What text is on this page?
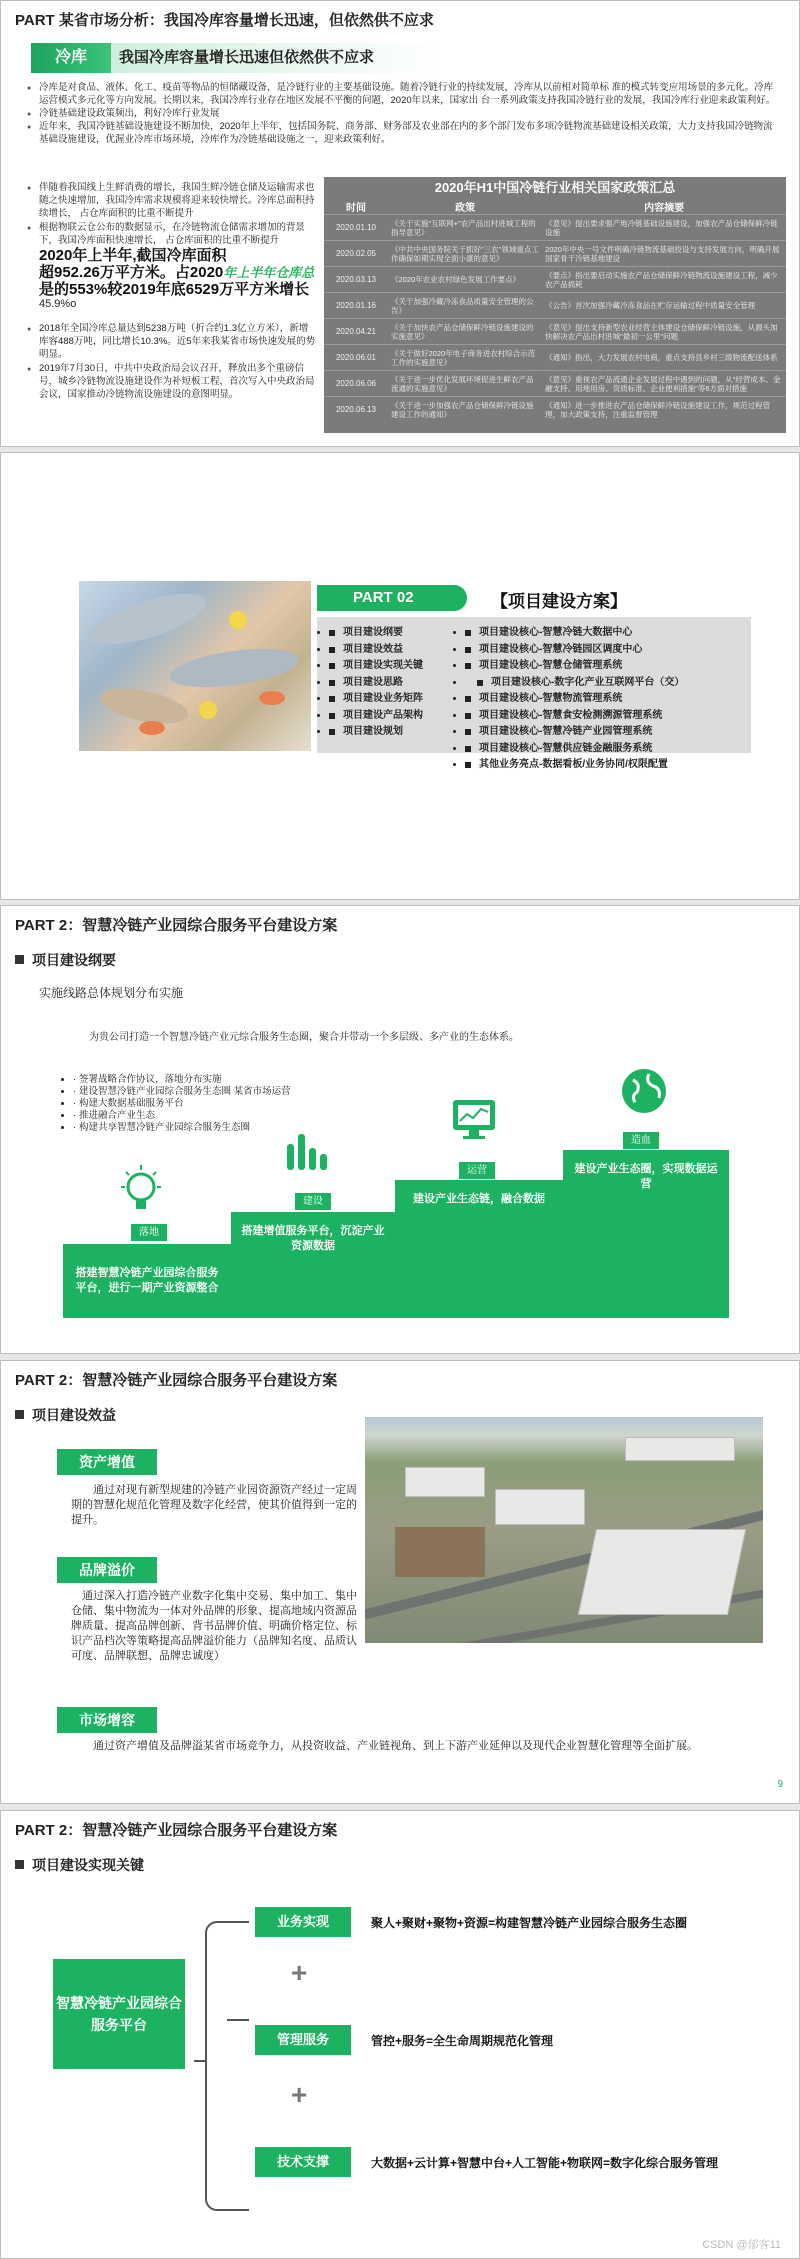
PART 某省市场分析：我国冷库容量增长迅速，但依然供不应求
冷库	我国冷库容量增长迅速但依然供不应求
● 冷库是对食品、液体、化工、疫苗等物品的恒储藏设备，是冷链行业的主要基础设施。随着冷链行业的持续发展，冷库从以前相对简单标 准的模式转变应用场景的多元化。冷库运营模式多元化等方向发展。长期以来，我国冷库行业存在地区发展不平衡的问题，2020年以来，国家出 台一系列政策支持我国冷链行业的发展，我国冷库行业迎来政策利好。
● 冷链基础建设政策频出，利好冷库行业发展
● 近年来，我国冷链基础设施建设不断加快，2020年上半年，包括国务院、商务部、财务部及农业部在内的多个部门发布多项冷链物流基础建设相关政策，大力支持我国冷链物流基础设施建设，优渥业冷库市场环境，冷库作为冷链基础设施之一，迎来政策利好。
● 伴随着我国线上生鲜消费的增长，我国生鲜冷链仓储及运输需求也随之快速增加，我国冷库需求规模将迎来较快增长。冷库总面积持续增长， 占仓库面积的比重不断提升
● 根据物联云仓公布的数据显示，在冷链物流仓储需求增加的背景下，我国冷库面积快速增长， 占仓库面积的比重不断提升
2020年上半年,截国冷库面积
超952.26万平方米。占2020年上半年仓库总
是的553%较2019年底6529万平方米增长
45.9%o
● 2018年全国冷库总量达到5238万吨（折合约1.3亿立方米），新增库容488万吨，同比增长10.3%。近5年来我某省市场快速发展的势明显。
● 2019年7月30日，中共中央政治局会议召开，释放出多个重磅信号，城乡冷链物流设施建设作为补短板工程，首次写入中央政治局会议，国家推动冷链物流设施建设的意图明显。
2020年H1中国冷链行业相关国家政策汇总
时间	政策	内容摘要
2020.01.10	《关于实施"互联网+"农产品出村进城工程的指导意见》	《意见》提出要求强产地冷链基础设施建设，加强农产品仓储保鲜冷链设施
2020.02.05	《中共中央国务院关于抓好"三农"领域重点工作确保如期实现全面小康的意见》	2020年中央一号文件明确冷链物流基础投设与支持发展方向，明确开展国家骨干冷链基地建设
2020.03.13	《2020年农业农村绿色发展工作要点》	《要点》指出要启动实施农产品仓储保鲜冷链物流设施建设工程，减少农产品损耗
2020.01.16	《关于加强冷藏冷冻食品质量安全管理的公告》	《公告》首次加强冷藏冷冻食品在贮存运输过程中质量安全管理
2020.04.21	《关于加快农产品仓储保鲜冷链设施建设的实施意见》	《意见》提出支持新型农业经营主体建设仓储保鲜冷链设施，从源头加快解决农产品出村进城"最初一公里"问题
2020.06.01	《关于做好2020年电子商务进农村综合示范工作的实施意见》	《通知》指出，大力发展农村电商，重点支持县乡村三级物流配送体系
2020.06.06	《关于进一步优化发展环境促进生鲜农产品流通的实施意见》	《意见》重视农产品流通企业发展过程中遇到的问题，从"经营成本、金融支持、用地用房、资质标准、企业便利措施"等6方面对措施
2020.06.13	《关于进一步加强农产品仓储保鲜冷链设施建设工作的通知》	《通知》进一步推进农产品仓储保鲜冷链设施建设工作，规范过程管理，加大政策支持，注重监督管理
PART 02	【项目建设方案】
• 项目建设纲要
• 项目建设效益
• 项目建设实现关键
• 项目建设思路
• 项目建设业务矩阵
• 项目建设产品架构
• 项目建设规划
• 项目建设核心-智慧冷链大数据中心
• 项目建设核心-智慧冷链园区调度中心
• 项目建设核心-智慧仓储管理系统
• 项目建设核心-数字化产业互联网平台（交）
• 项目建设核心-智慧物流管理系统
• 项目建设核心-智慧食安检测溯源管理系统
• 项目建设核心-智慧冷链产业园管理系统
• 项目建设核心-智慧供应链金融服务系统
• 其他业务亮点-数据看板/业务协同/权限配置
PART 2：智慧冷链产业园综合服务平台建设方案
项目建设纲要
实施线路总体规划分布实施
为贵公司打造一个智慧冷链产业元综合服务生态圈，聚合并带动一个多层级、多产业的生态体系。
· • 签署战略合作协议，落地分布实施
· • 建设智慧冷链产业园综合服务生态圈 某省市场运营
· • 构建大数据基础服务平台
· • 推进融合产业生态
· • 构建共享智慧冷链产业园综合服务生态圈
落地
搭建智慧冷链产业园综合服务平台，进行一期产业资源整合
建设
搭建增值服务平台，沉淀产业资源数据
运营
建设产业生态链，融合数据
造血
建设产业生态圈，实现数据运营
PART 2：智慧冷链产业园综合服务平台建设方案
项目建设效益
资产增值
通过对现有新型规建的冷链产业园资源资产经过一定周期的智慧化规范化管理及数字化经营，使其价值得到一定的提升。
品牌溢价
通过深入打造冷链产业数字化集中交易、集中加工、集中仓储、集中物流为一体对外品牌的形象、提高地域内资源品牌质量、提高品牌创新、背书品牌价值、明确价格定位、标识产品档次等策略提高品牌溢价能力（品牌知名度、品质认可度、品牌联想、品牌忠诚度）
市场增容
通过资产增值及品牌溢某省市场竞争力，从投资收益、产业链视角、到上下游产业延伸以及现代企业智慧化管理等全面扩展。
9
PART 2：智慧冷链产业园综合服务平台建设方案
项目建设实现关键
智慧冷链产业园综合服务平台
业务实现	聚人+聚财+聚物+资源=构建智慧冷链产业园综合服务生态圈
+
管理服务	管控+服务=全生命周期规范化管理
+
技术支撑	大数据+云计算+智慧中台+人工智能+物联网=数字化综合服务管理
CSDN @郁客11
